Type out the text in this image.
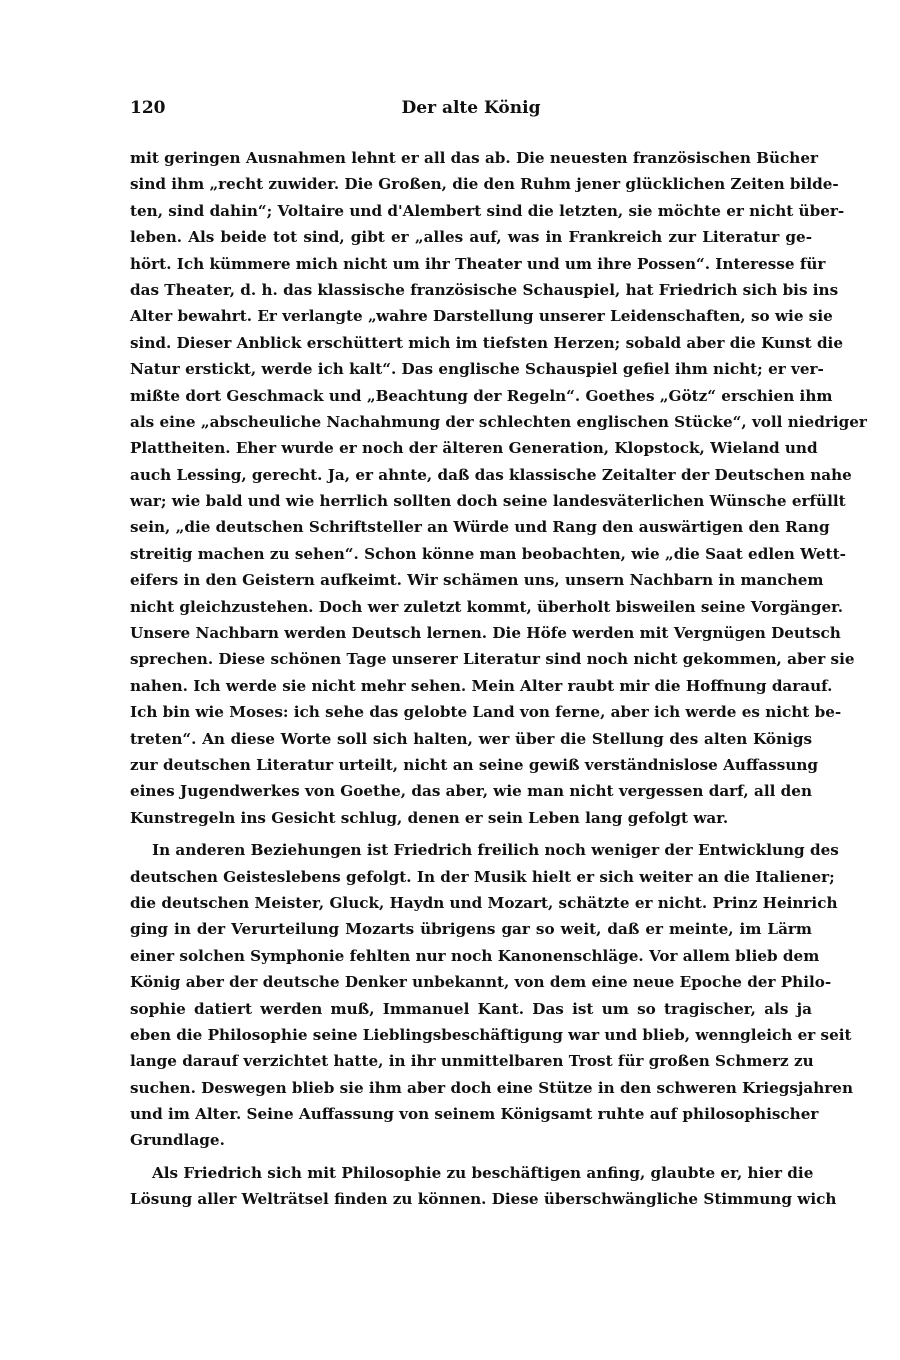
120	Der alte König
mit geringen Ausnahmen lehnt er all das ab. Die neuesten französischen Bücher
sind ihm „recht zuwider. Die Großen, die den Ruhm jener glücklichen Zeiten bilde-
ten, sind dahin“; Voltaire und d'Alembert sind die letzten, sie möchte er nicht über-
leben. Als beide tot sind, gibt er „alles auf, was in Frankreich zur Literatur ge-
hört. Ich kümmere mich nicht um ihr Theater und um ihre Possen“. Interesse für
das Theater, d. h. das klassische französische Schauspiel, hat Friedrich sich bis ins
Alter bewahrt. Er verlangte „wahre Darstellung unserer Leidenschaften, so wie sie
sind. Dieser Anblick erschüttert mich im tiefsten Herzen; sobald aber die Kunst die
Natur erstickt, werde ich kalt“. Das englische Schauspiel gefiel ihm nicht; er ver-
mißte dort Geschmack und „Beachtung der Regeln“. Goethes „Götz“ erschien ihm
als eine „abscheuliche Nachahmung der schlechten englischen Stücke“, voll niedriger
Plattheiten. Eher wurde er noch der älteren Generation, Klopstock, Wieland und
auch Lessing, gerecht. Ja, er ahnte, daß das klassische Zeitalter der Deutschen nahe
war; wie bald und wie herrlich sollten doch seine landesväterlichen Wünsche erfüllt
sein, „die deutschen Schriftsteller an Würde und Rang den auswärtigen den Rang
streitig machen zu sehen“. Schon könne man beobachten, wie „die Saat edlen Wett-
eifers in den Geistern aufkeimt. Wir schämen uns, unsern Nachbarn in manchem
nicht gleichzustehen. Doch wer zuletzt kommt, überholt bisweilen seine Vorgänger.
Unsere Nachbarn werden Deutsch lernen. Die Höfe werden mit Vergnügen Deutsch
sprechen. Diese schönen Tage unserer Literatur sind noch nicht gekommen, aber sie
nahen. Ich werde sie nicht mehr sehen. Mein Alter raubt mir die Hoffnung darauf.
Ich bin wie Moses: ich sehe das gelobte Land von ferne, aber ich werde es nicht be-
treten“. An diese Worte soll sich halten, wer über die Stellung des alten Königs
zur deutschen Literatur urteilt, nicht an seine gewiß verständnislose Auffassung
eines Jugendwerkes von Goethe, das aber, wie man nicht vergessen darf, all den
Kunstregeln ins Gesicht schlug, denen er sein Leben lang gefolgt war.
In anderen Beziehungen ist Friedrich freilich noch weniger der Entwicklung des
deutschen Geisteslebens gefolgt. In der Musik hielt er sich weiter an die Italiener;
die deutschen Meister, Gluck, Haydn und Mozart, schätzte er nicht. Prinz Heinrich
ging in der Verurteilung Mozarts übrigens gar so weit, daß er meinte, im Lärm
einer solchen Symphonie fehlten nur noch Kanonenschläge. Vor allem blieb dem
König aber der deutsche Denker unbekannt, von dem eine neue Epoche der Philo-
sophie datiert werden muß, Immanuel Kant. Das ist um so tragischer, als ja
eben die Philosophie seine Lieblingsbeschäftigung war und blieb, wenngleich er seit
lange darauf verzichtet hatte, in ihr unmittelbaren Trost für großen Schmerz zu
suchen. Deswegen blieb sie ihm aber doch eine Stütze in den schweren Kriegsjahren
und im Alter. Seine Auffassung von seinem Königsamt ruhte auf philosophischer
Grundlage.
Als Friedrich sich mit Philosophie zu beschäftigen anfing, glaubte er, hier die
Lösung aller Welträtsel finden zu können. Diese überschwängliche Stimmung wich
